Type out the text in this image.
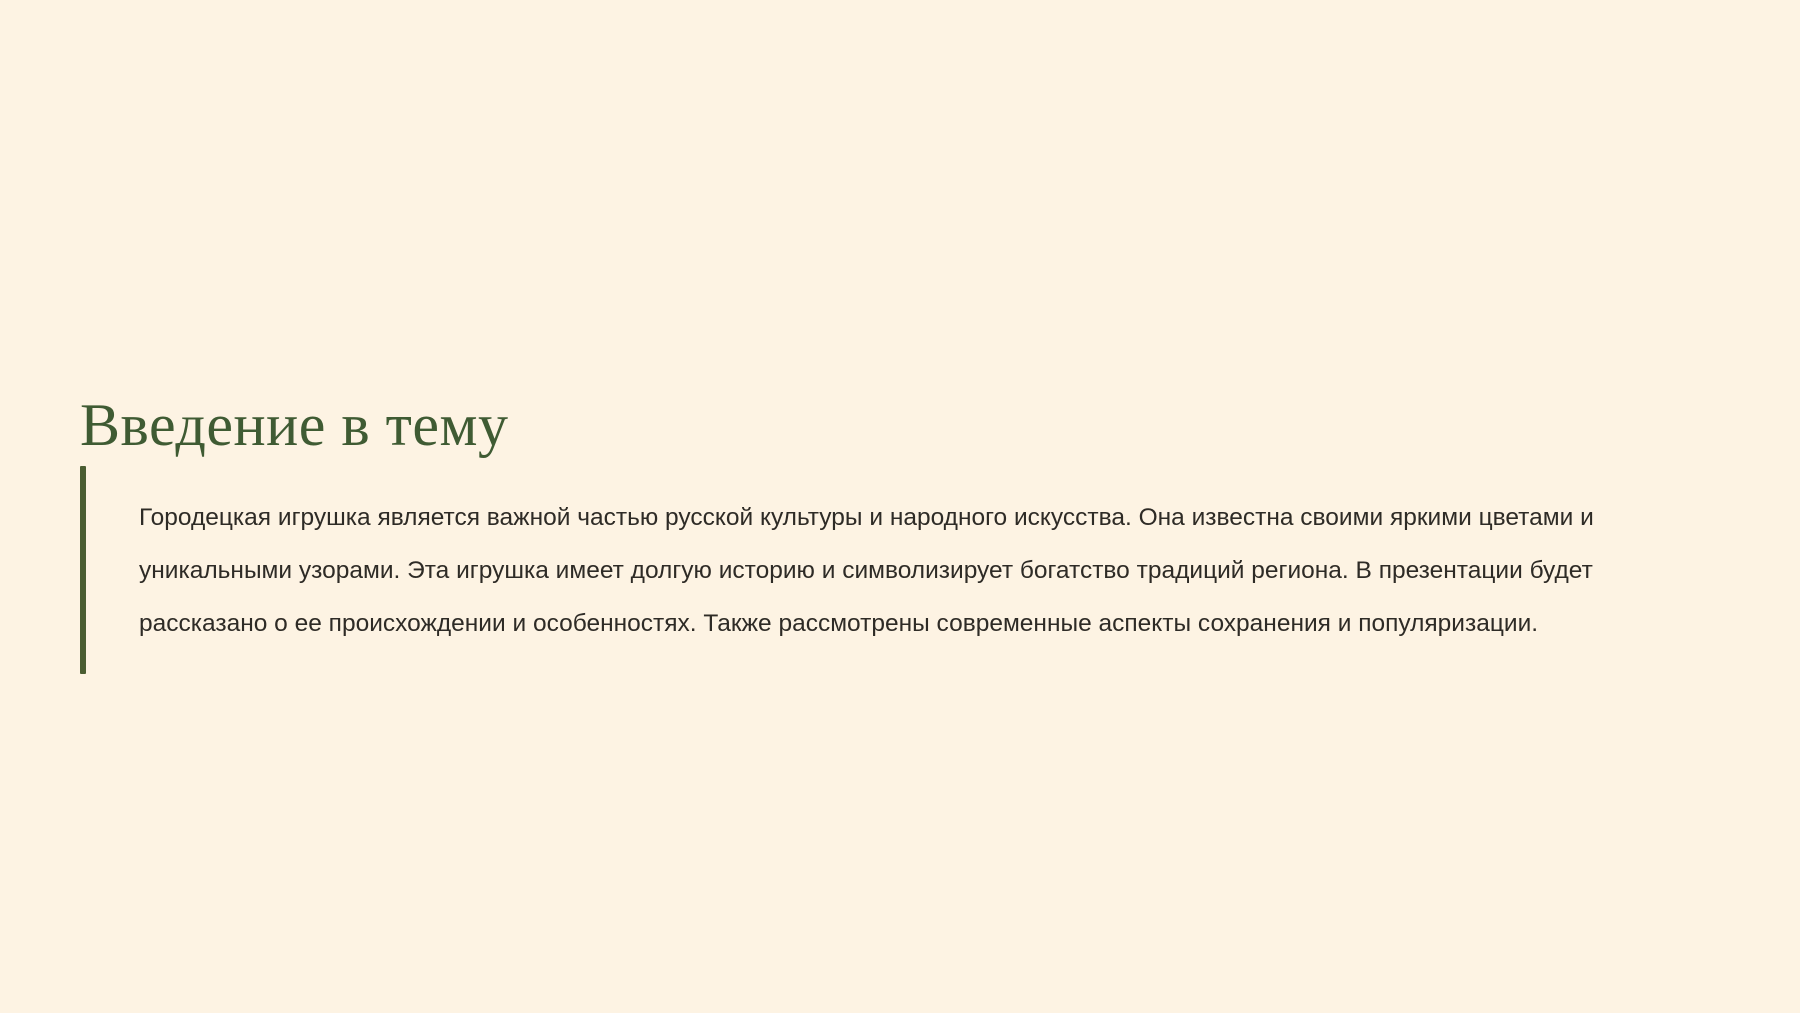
Введение в тему

Городецкая игрушка является важной частью русской культуры и народного искусства. Она известна своими яркими цветами и уникальными узорами. Эта игрушка имеет долгую историю и символизирует богатство традиций региона. В презентации будет рассказано о ее происхождении и особенностях. Также рассмотрены современные аспекты сохранения и популяризации.
